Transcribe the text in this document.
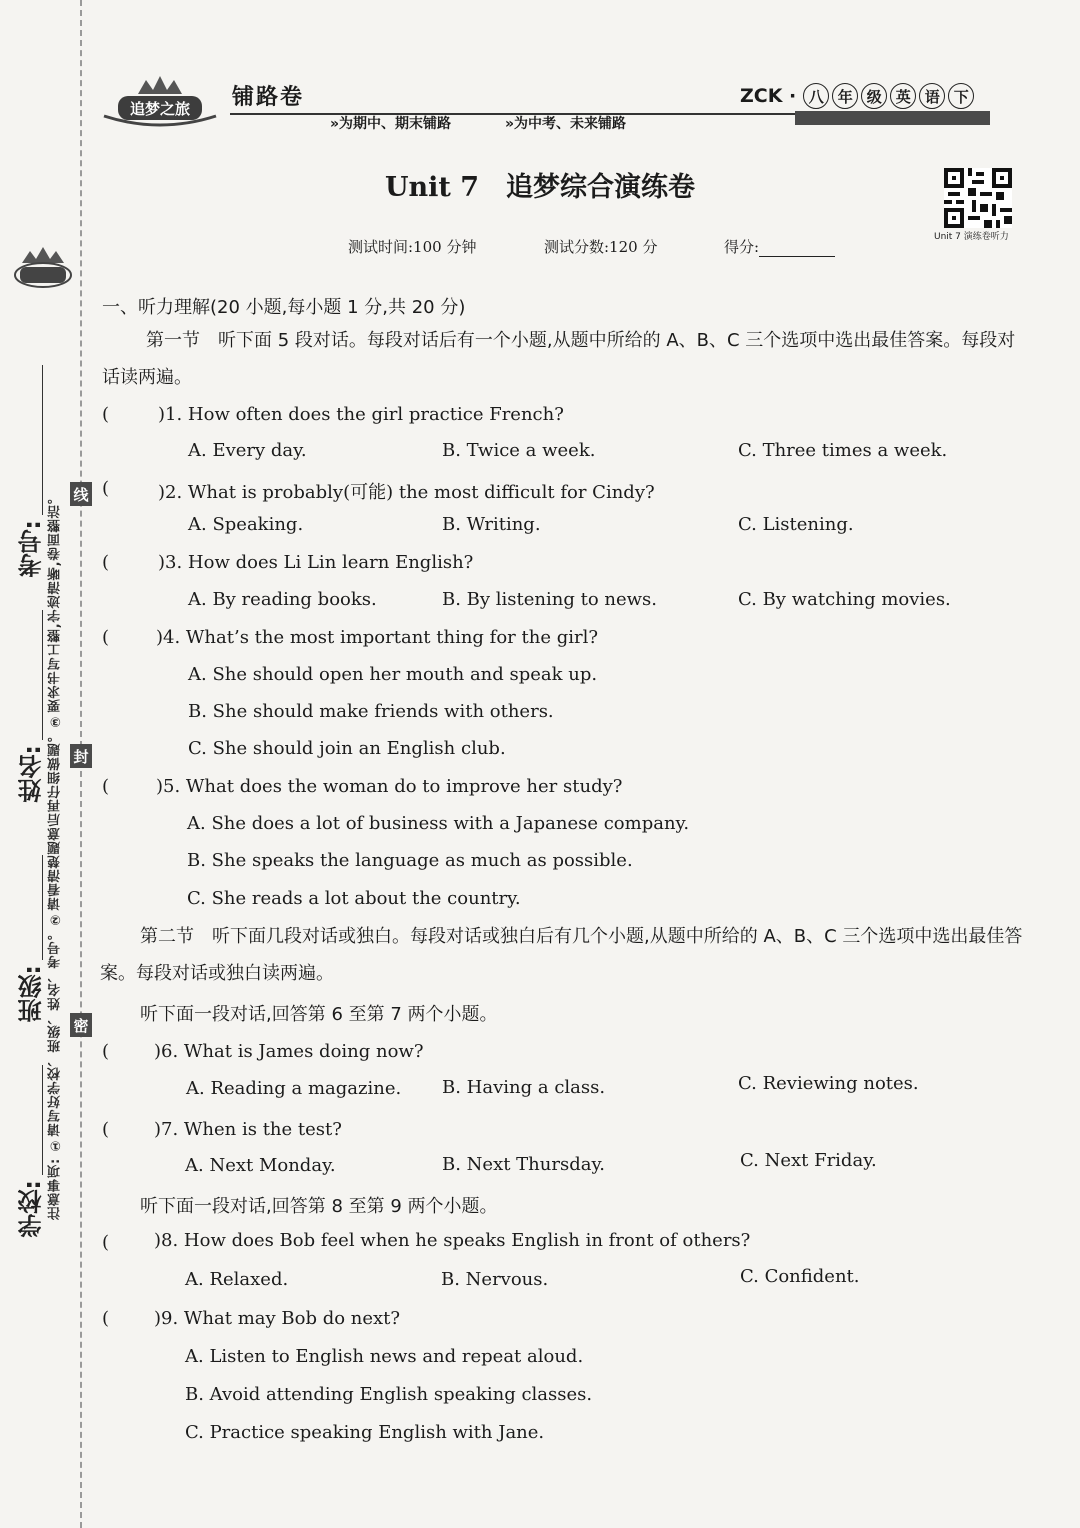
考号:
姓名:
班级:
学校: 注意事项: ①请写好学校、班级、姓名、考号。②请看清楚题意后再仔细做题。③要求书写工整,字迹清晰,卷面整洁。 线
封
密
追梦之旅 铺路卷
»为期中、期末铺路	»为中考、未来铺路
ZCK · 八 年 级 英 语 下
Unit 7　追梦综合演练卷
Unit 7 演练卷听力
测试时间:100 分钟	测试分数:120 分	得分:
一、听力理解(20 小题,每小题 1 分,共 20 分)
第一节　听下面 5 段对话。每段对话后有一个小题,从题中所给的 A、B、C 三个选项中选出最佳答案。每段对话读两遍。
(	)1. How often does the girl practice French?
A. Every day.	B. Twice a week.	C. Three times a week.
(	)2. What is probably(可能) the most difficult for Cindy?
A. Speaking.	B. Writing.	C. Listening.
(	)3. How does Li Lin learn English?
A. By reading books.	B. By listening to news.	C. By watching movies.
(	)4. What’s the most important thing for the girl?
A. She should open her mouth and speak up.
B. She should make friends with others.
C. She should join an English club.
(	)5. What does the woman do to improve her study?
A. She does a lot of business with a Japanese company.
B. She speaks the language as much as possible.
C. She reads a lot about the country.
第二节　听下面几段对话或独白。每段对话或独白后有几个小题,从题中所给的 A、B、C 三个选项中选出最佳答案。每段对话或独白读两遍。
听下面一段对话,回答第 6 至第 7 两个小题。
( )6. What is James doing now?
A. Reading a magazine. B. Having a class.	C. Reviewing notes.
( )7. When is the test?
A. Next Monday.	B. Next Thursday.	C. Next Friday.
听下面一段对话,回答第 8 至第 9 两个小题。
( )8. How does Bob feel when he speaks English in front of others?
A. Relaxed.	B. Nervous.	C. Confident.
( )9. What may Bob do next?
A. Listen to English news and repeat aloud.
B. Avoid attending English speaking classes.
C. Practice speaking English with Jane.
